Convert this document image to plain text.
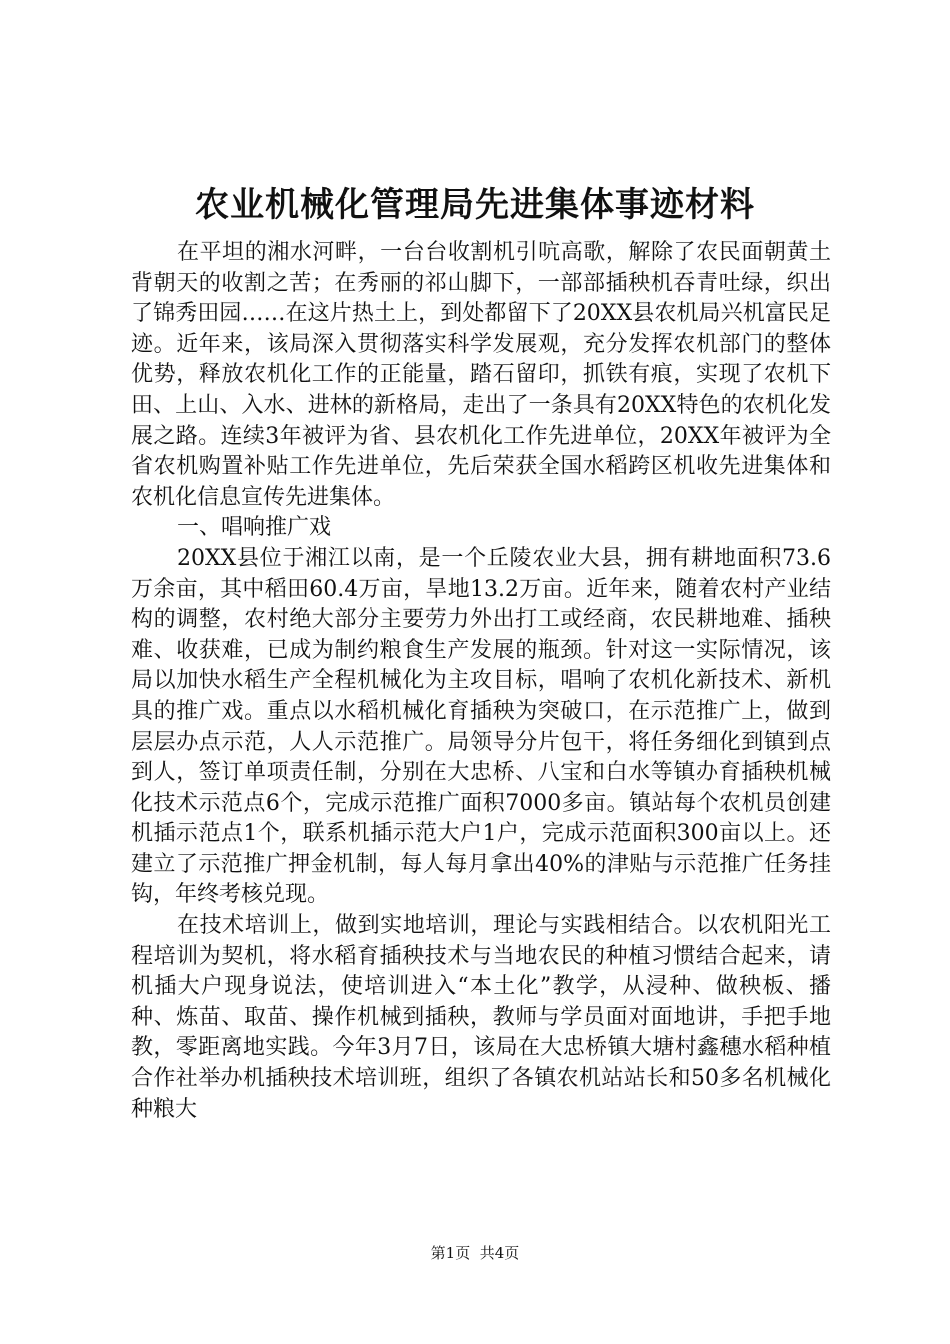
农业机械化管理局先进集体事迹材料

在平坦的湘水河畔，一台台收割机引吭高歌，解除了农民面朝黄土背朝天的收割之苦；在秀丽的祁山脚下，一部部插秧机吞青吐绿，织出了锦秀田园……在这片热土上，到处都留下了20XX县农机局兴机富民足迹。近年来，该局深入贯彻落实科学发展观，充分发挥农机部门的整体优势，释放农机化工作的正能量，踏石留印，抓铁有痕，实现了农机下田、上山、入水、进林的新格局，走出了一条具有20XX特色的农机化发展之路。连续3年被评为省、县农机化工作先进单位，20XX年被评为全省农机购置补贴工作先进单位，先后荣获全国水稻跨区机收先进集体和农机化信息宣传先进集体。

一、唱响推广戏

20XX县位于湘江以南，是一个丘陵农业大县，拥有耕地面积73.6万余亩，其中稻田60.4万亩，旱地13.2万亩。近年来，随着农村产业结构的调整，农村绝大部分主要劳力外出打工或经商，农民耕地难、插秧难、收获难，已成为制约粮食生产发展的瓶颈。针对这一实际情况，该局以加快水稻生产全程机械化为主攻目标，唱响了农机化新技术、新机具的推广戏。重点以水稻机械化育插秧为突破口，在示范推广上，做到层层办点示范，人人示范推广。局领导分片包干，将任务细化到镇到点到人，签订单项责任制，分别在大忠桥、八宝和白水等镇办育插秧机械化技术示范点6个，完成示范推广面积7000多亩。镇站每个农机员创建机插示范点1个，联系机插示范大户1户，完成示范面积300亩以上。还建立了示范推广押金机制，每人每月拿出40%的津贴与示范推广任务挂钩，年终考核兑现。

在技术培训上，做到实地培训，理论与实践相结合。以农机阳光工程培训为契机，将水稻育插秧技术与当地农民的种植习惯结合起来，请机插大户现身说法，使培训进入“本土化”教学，从浸种、做秧板、播种、炼苗、取苗、操作机械到插秧，教师与学员面对面地讲，手把手地教，零距离地实践。今年3月7日，该局在大忠桥镇大塘村鑫穗水稻种植合作社举办机插秧技术培训班，组织了各镇农机站站长和50多名机械化种粮大

第1页 共4页
